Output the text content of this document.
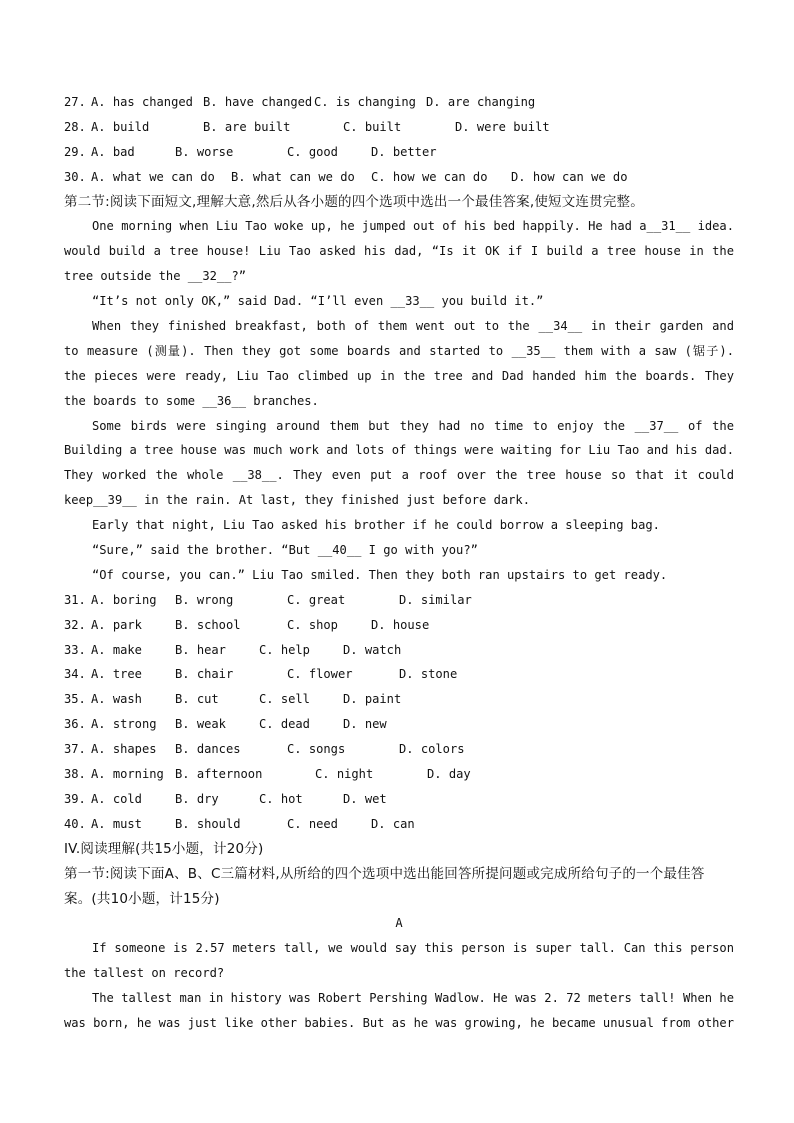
27.

A. has changed

B. have changed

C. is changing

D. are changing

28.

A. build

	B. are built

	C. built

	D. were built

29.

A. bad

	B. worse

	C. good

	D. better

30.

A. what we can do

B. what can we do

C. how we can do

D. how can we do

第二节:阅读下面短文,理解大意,然后从各小题的四个选项中选出一个最佳答案,使短文连贯完整。
One morning when Liu Tao woke up, he jumped out of his bed happily. He had a__31__ idea.
would build a tree house! Liu Tao asked his dad, “Is it OK if I build a tree house in the
tree outside the __32__?”
“It’s not only OK,” said Dad. “I’ll even __33__ you build it.”
When they finished breakfast, both of them went out to the __34__ in their garden and
to measure (测量). Then they got some boards and started to __35__ them with a saw (锯子).
the pieces were ready, Liu Tao climbed up in the tree and Dad handed him the boards. They
the boards to some __36__ branches.
Some birds were singing around them but they had no time to enjoy the __37__ of the
Building a tree house was much work and lots of things were waiting for Liu Tao and his dad.
They worked the whole __38__. They even put a roof over the tree house so that it could
keep__39__ in the rain. At last, they finished just before dark.
Early that night, Liu Tao asked his brother if he could borrow a sleeping bag.
“Sure,” said the brother. “But __40__ I go with you?”
“Of course, you can.” Liu Tao smiled. Then they both ran upstairs to get ready.

31.

A. boring

B. wrong

	C. great

	D. similar

32.

A. park

	B. school

	C. shop

	D. house

33.

A. make

	B. hear

	C. help

	D. watch

34.

A. tree

	B. chair

	C. flower

	D. stone

35.

A. wash

	B. cut

	C. sell

	D. paint

36.

A. strong

B. weak

	C. dead

	D. new

37.

A. shapes

B. dances

	C. songs

	D. colors

38.

A. morning

B. afternoon

	C. night

	D. day

39.

A. cold

	B. dry

	C. hot

	D. wet

40.

A. must

	B. should

	C. need

	D. can

IV.阅读理解(共15小题，计20分)
第一节:阅读下面A、B、C三篇材料,从所给的四个选项中选出能回答所提问题或完成所给句子的一个最佳答
案。(共10小题，计15分)
A
If someone is 2.57 meters tall, we would say this person is super tall. Can this person
the tallest on record?
The tallest man in history was Robert Pershing Wadlow. He was 2. 72 meters tall! When he
was born, he was just like other babies. But as he was growing, he became unusual from other
